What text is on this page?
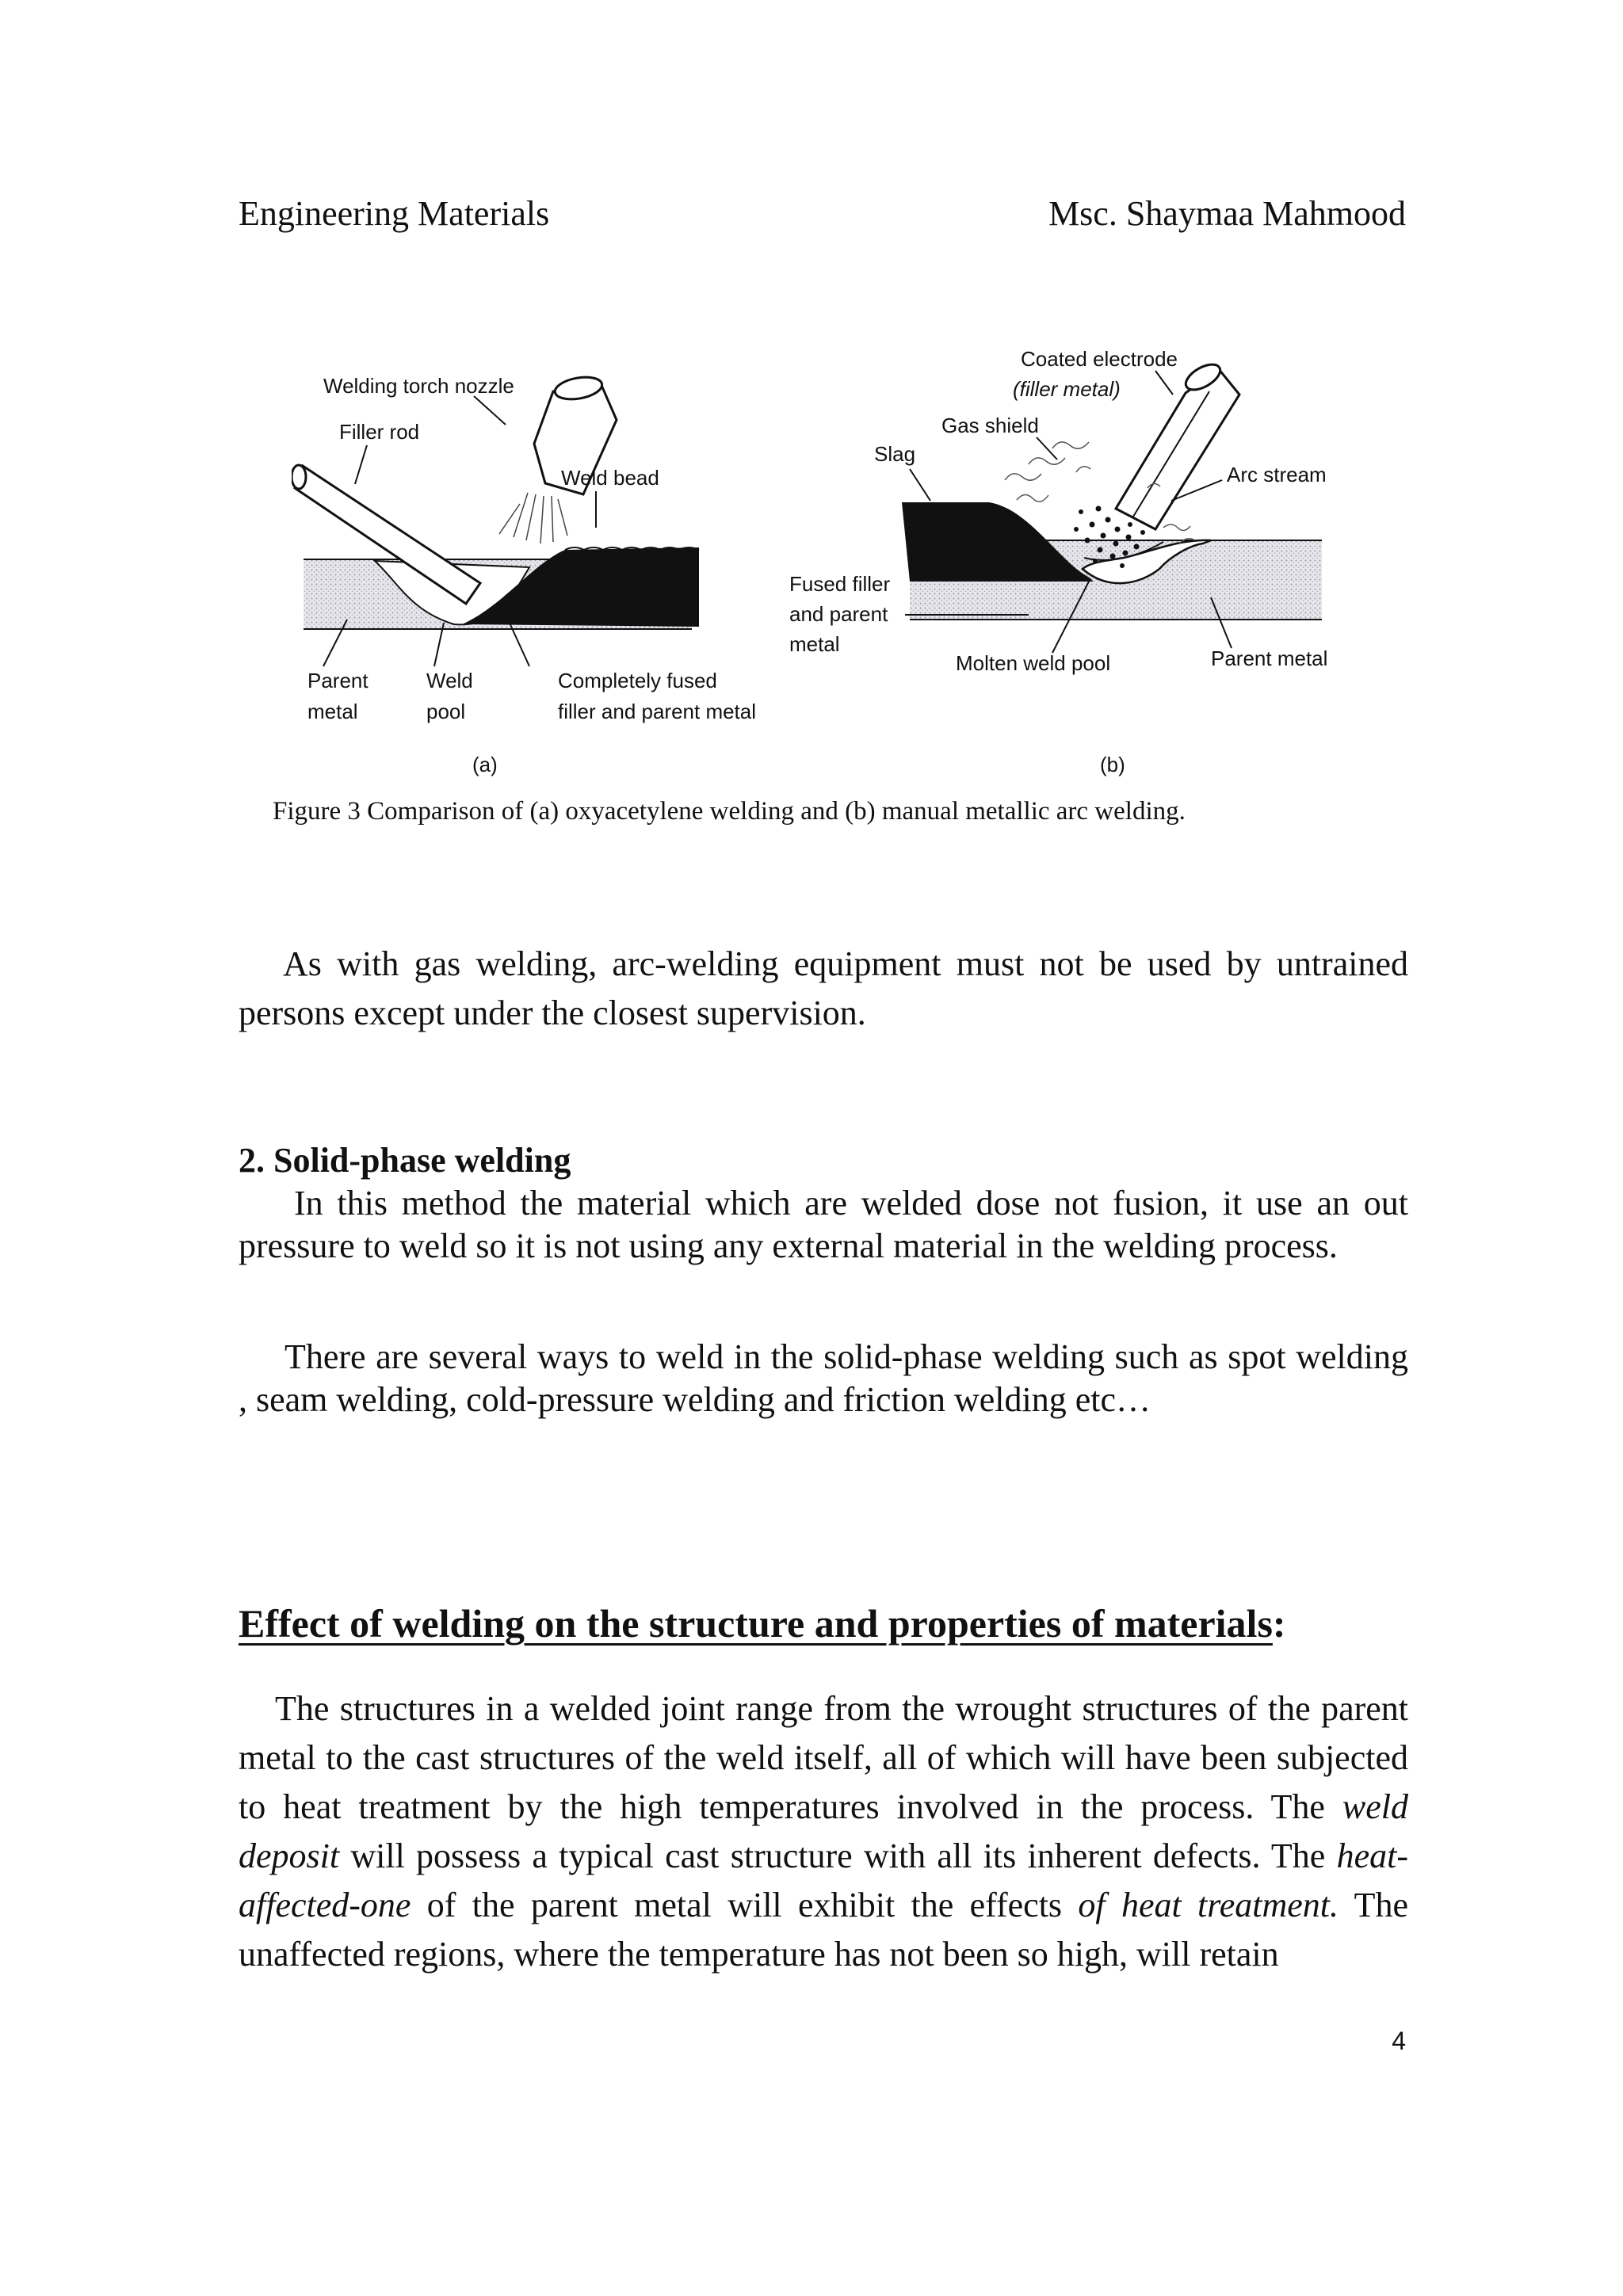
Engineering Materials	Msc. Shaymaa Mahmood
Welding torch nozzle
Filler rod
Weld bead
Parent
metal
Weld
pool
Completely fused
filler and parent metal
(a)
Coated electrode
(filler metal)
Gas shield
Slag
Arc stream
Fused filler
and parent
metal
Molten weld pool	Parent metal
(b)
Figure 3 Comparison of (a) oxyacetylene welding and (b) manual metallic arc welding.

As with gas welding, arc-welding equipment must not be used by untrained persons except under the closest supervision.

2. Solid-phase welding

In this method the material which are welded dose not fusion, it use an out pressure to weld so it is not using any external material in the welding process.

There are several ways to weld in the solid-phase welding such as spot welding , seam welding, cold-pressure welding and friction welding etc…

Effect of welding on the structure and properties of materials:

The structures in a welded joint range from the wrought structures of the parent metal to the cast structures of the weld itself, all of which will have been subjected to heat treatment by the high temperatures involved in the process. The weld deposit will possess a typical cast structure with all its inherent defects. The heat-affected-one of the parent metal will exhibit the effects of heat treatment. The unaffected regions, where the temperature has not been so high, will retain

4
